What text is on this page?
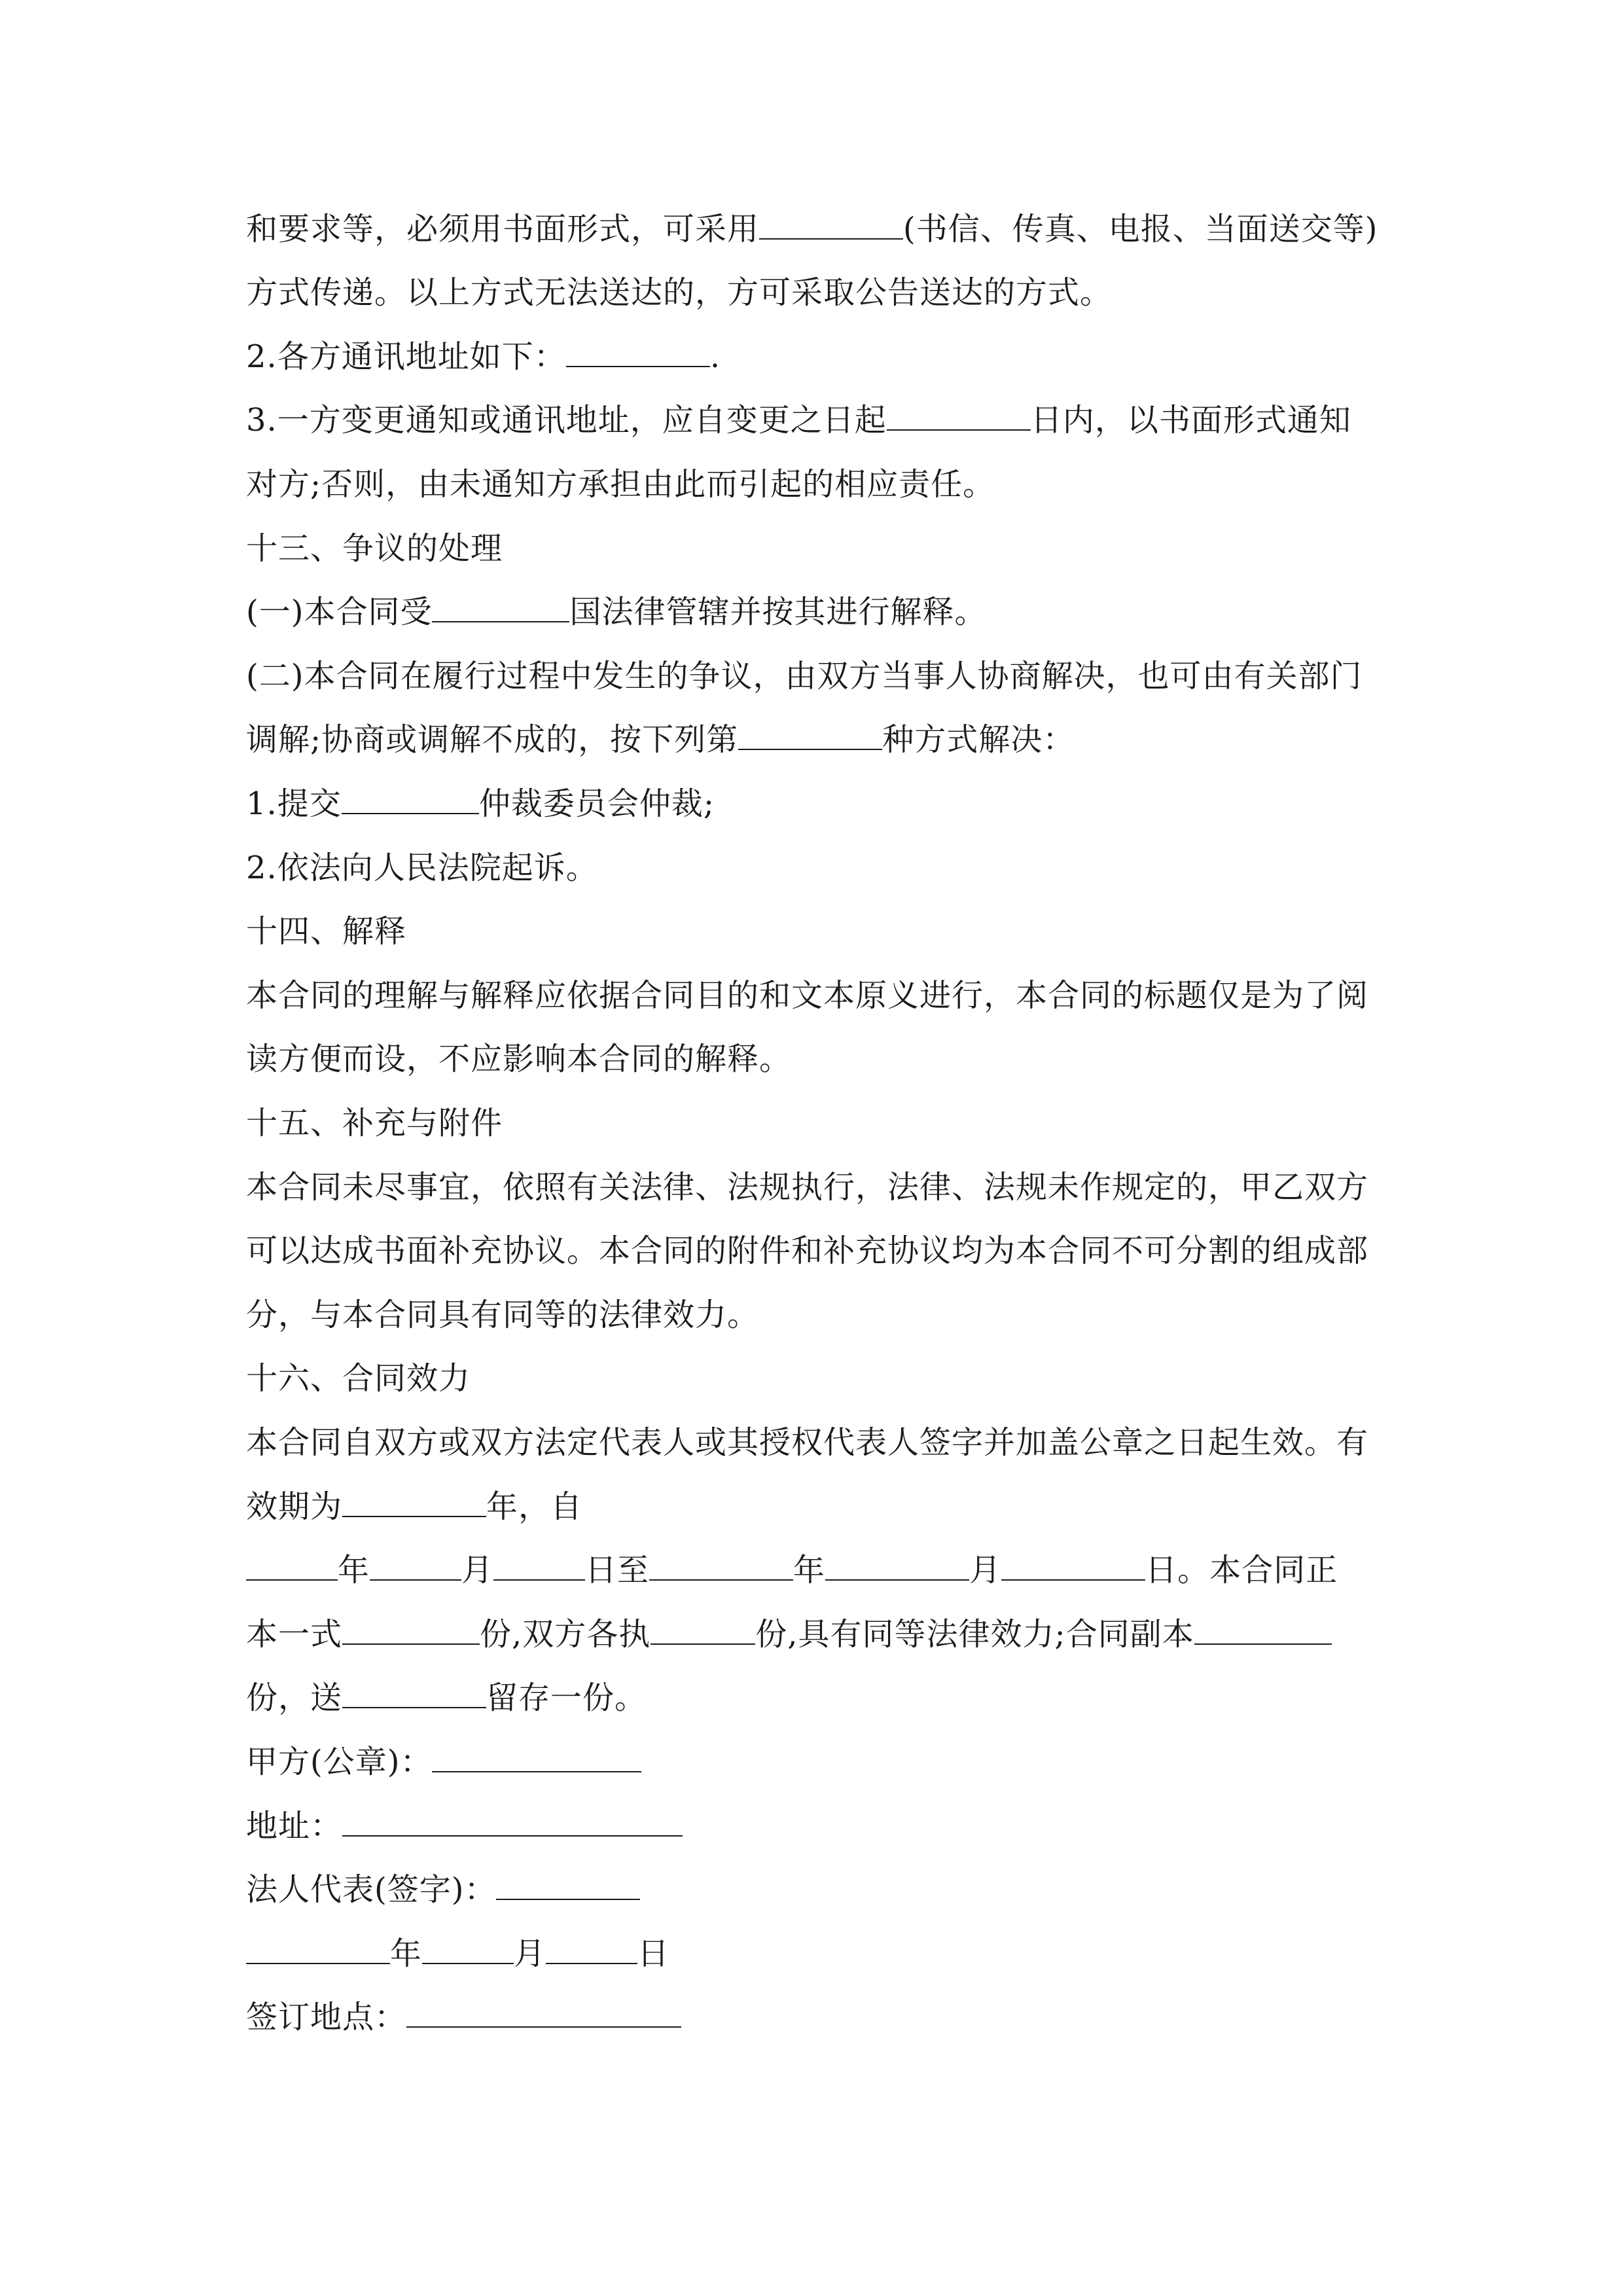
和要求等，必须用书面形式，可采用	(书信、传真、电报、当面送交等)
方式传递。以上方式无法送达的，方可采取公告送达的方式。
2.各方通讯地址如下：	.
3.一方变更通知或通讯地址，应自变更之日起	日内，以书面形式通知
对方;否则，由未通知方承担由此而引起的相应责任。
十三、争议的处理
(一)本合同受	国法律管辖并按其进行解释。
(二)本合同在履行过程中发生的争议，由双方当事人协商解决，也可由有关部门
调解;协商或调解不成的，按下列第	种方式解决：
1.提交	仲裁委员会仲裁;
2.依法向人民法院起诉。
十四、解释
本合同的理解与解释应依据合同目的和文本原义进行，本合同的标题仅是为了阅
读方便而设，不应影响本合同的解释。
十五、补充与附件
本合同未尽事宜，依照有关法律、法规执行，法律、法规未作规定的，甲乙双方
可以达成书面补充协议。本合同的附件和补充协议均为本合同不可分割的组成部
分，与本合同具有同等的法律效力。
十六、合同效力
本合同自双方或双方法定代表人或其授权代表人签字并加盖公章之日起生效。有
效期为	年，自
年	月	日至	年	月	日。本合同正
本一式	份,双方各执	份,具有同等法律效力;合同副本
份，送	留存一份。
甲方(公章)：
地址：
法人代表(签字)：
年	月	日
签订地点：
